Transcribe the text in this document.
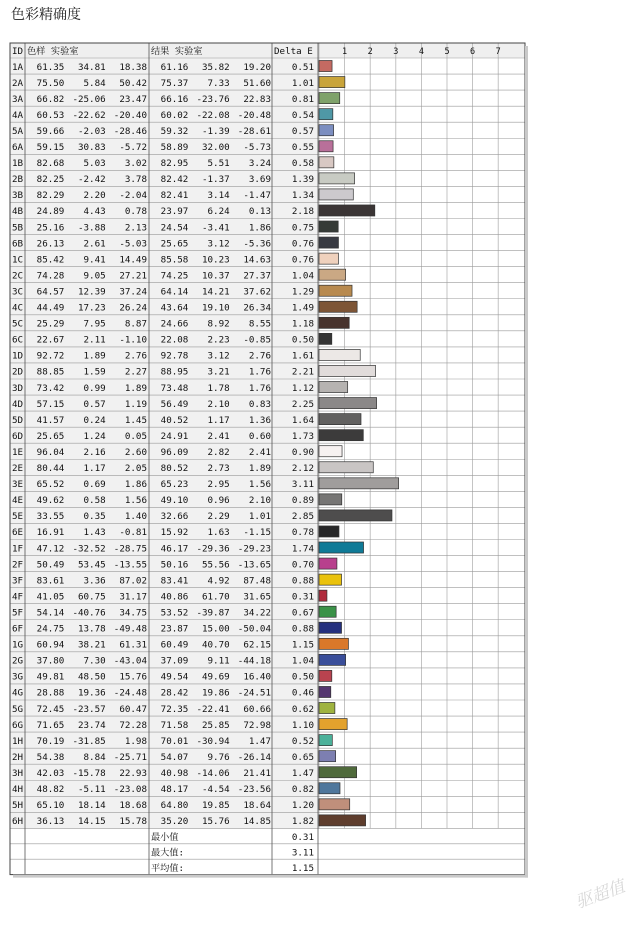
色彩精确度
ID 色样 实验室	结果 实验室	Delta E	1 2 3 4 5 6 7
1A 61.35 34.81 18.38 61.16 35.82 19.20 0.51
2A 75.50 5.84 50.42 75.37 7.33 51.60 1.01
3A 66.82 -25.06 23.47 66.16 -23.76 22.83 0.81
4A 60.53 -22.62 -20.40 60.02 -22.08 -20.48 0.54
5A 59.66 -2.03 -28.46 59.32 -1.39 -28.61 0.57
6A 59.15 30.83 -5.72 58.89 32.00 -5.73 0.55
1B 82.68 5.03 3.02 82.95 5.51 3.24 0.58
2B 82.25 -2.42 3.78 82.42 -1.37 3.69 1.39
3B 82.29 2.20 -2.04 82.41 3.14 -1.47 1.34
4B 24.89 4.43 0.78 23.97 6.24 0.13 2.18
5B 25.16 -3.88 2.13 24.54 -3.41 1.86 0.75
6B 26.13 2.61 -5.03 25.65 3.12 -5.36 0.76
1C 85.42 9.41 14.49 85.58 10.23 14.63 0.76
2C 74.28 9.05 27.21 74.25 10.37 27.37 1.04
3C 64.57 12.39 37.24 64.14 14.21 37.62 1.29
4C 44.49 17.23 26.24 43.64 19.10 26.34 1.49
5C 25.29 7.95 8.87 24.66 8.92 8.55 1.18
6C 22.67 2.11 -1.10 22.08 2.23 -0.85 0.50
1D 92.72 1.89 2.76 92.78 3.12 2.76 1.61
2D 88.85 1.59 2.27 88.95 3.21 1.76 2.21
3D 73.42 0.99 1.89 73.48 1.78 1.76 1.12
4D 57.15 0.57 1.19 56.49 2.10 0.83 2.25
5D 41.57 0.24 1.45 40.52 1.17 1.36 1.64
6D 25.65 1.24 0.05 24.91 2.41 0.60 1.73
1E 96.04 2.16 2.60 96.09 2.82 2.41 0.90
2E 80.44 1.17 2.05 80.52 2.73 1.89 2.12
3E 65.52 0.69 1.86 65.23 2.95 1.56 3.11
4E 49.62 0.58 1.56 49.10 0.96 2.10 0.89
5E 33.55 0.35 1.40 32.66 2.29 1.01 2.85
6E 16.91 1.43 -0.81 15.92 1.63 -1.15 0.78
1F 47.12 -32.52 -28.75 46.17 -29.36 -29.23 1.74
2F 50.49 53.45 -13.55 50.16 55.56 -13.65 0.70
3F 83.61 3.36 87.02 83.41 4.92 87.48 0.88
4F 41.05 60.75 31.17 40.86 61.70 31.65 0.31
5F 54.14 -40.76 34.75 53.52 -39.87 34.22 0.67
6F 24.75 13.78 -49.48 23.87 15.00 -50.04 0.88
1G 60.94 38.21 61.31 60.49 40.70 62.15 1.15
2G 37.80 7.30 -43.04 37.09 9.11 -44.18 1.04
3G 49.81 48.50 15.76 49.54 49.69 16.40 0.50
4G 28.88 19.36 -24.48 28.42 19.86 -24.51 0.46
5G 72.45 -23.57 60.47 72.35 -22.41 60.66 0.62
6G 71.65 23.74 72.28 71.58 25.85 72.98 1.10
1H 70.19 -31.85 1.98 70.01 -30.94 1.47 0.52
2H 54.38 8.84 -25.71 54.07 9.76 -26.14 0.65
3H 42.03 -15.78 22.93 40.98 -14.06 21.41 1.47
4H 48.82 -5.11 -23.08 48.17 -4.54 -23.56 0.82
5H 65.10 18.14 18.68 64.80 19.85 18.64 1.20
6H 36.13 14.15 15.78 35.20 15.76 14.85 1.82
最小值	0.31
最大值:	3.11
平均值:	1.15
驱超值
